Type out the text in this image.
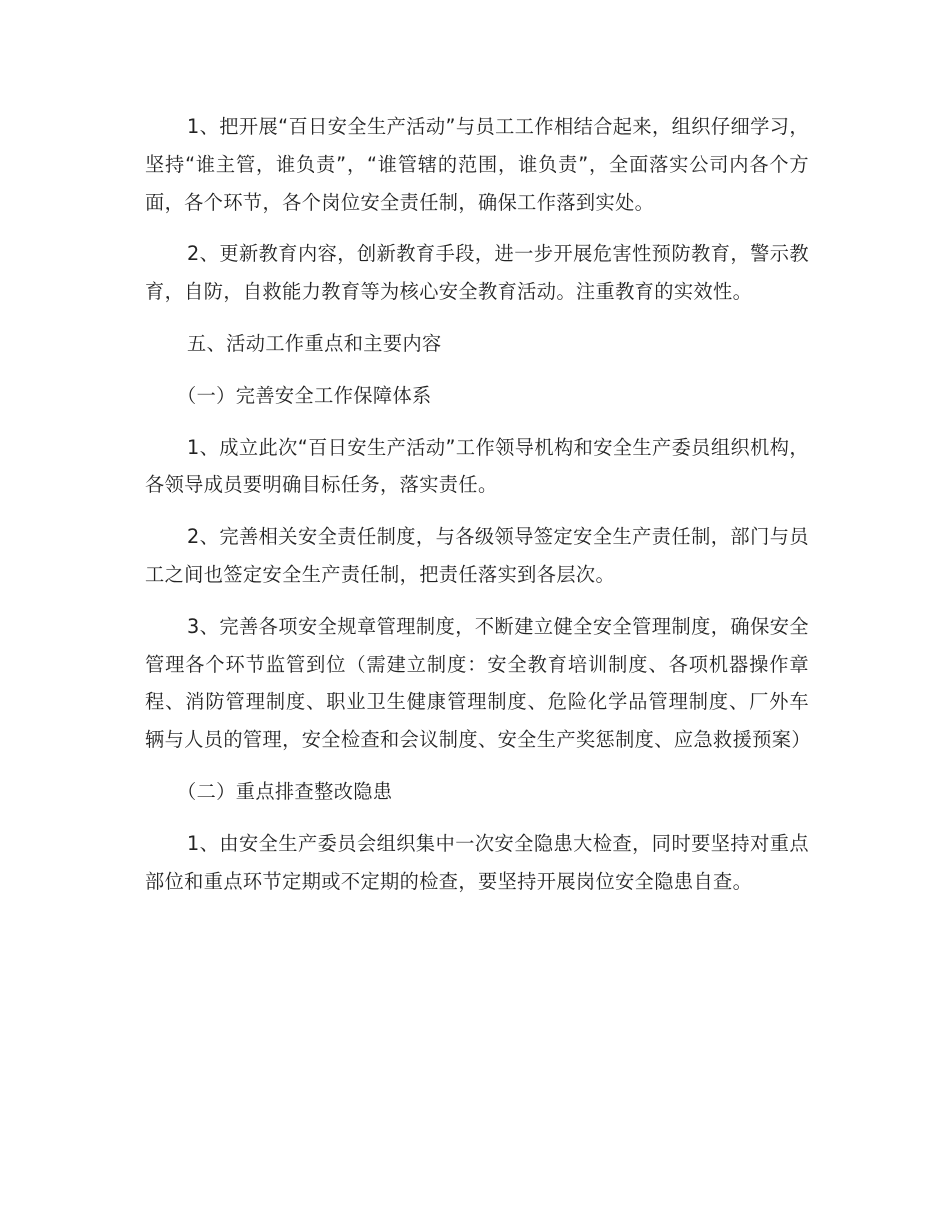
1、把开展“百日安全生产活动”与员工工作相结合起来，组织仔细学习，坚持“谁主管，谁负责”，“谁管辖的范围，谁负责”，全面落实公司内各个方面，各个环节，各个岗位安全责任制，确保工作落到实处。

2、更新教育内容，创新教育手段，进一步开展危害性预防教育，警示教育，自防，自救能力教育等为核心安全教育活动。注重教育的实效性。

五、活动工作重点和主要内容

（一）完善安全工作保障体系

1、成立此次“百日安生产活动”工作领导机构和安全生产委员组织机构，各领导成员要明确目标任务，落实责任。

2、完善相关安全责任制度，与各级领导签定安全生产责任制，部门与员工之间也签定安全生产责任制，把责任落实到各层次。

3、完善各项安全规章管理制度，不断建立健全安全管理制度，确保安全管理各个环节监管到位（需建立制度：安全教育培训制度、各项机器操作章程、消防管理制度、职业卫生健康管理制度、危险化学品管理制度、厂外车辆与人员的管理，安全检查和会议制度、安全生产奖惩制度、应急救援预案）

（二）重点排查整改隐患

1、由安全生产委员会组织集中一次安全隐患大检查，同时要坚持对重点部位和重点环节定期或不定期的检查，要坚持开展岗位安全隐患自查。
